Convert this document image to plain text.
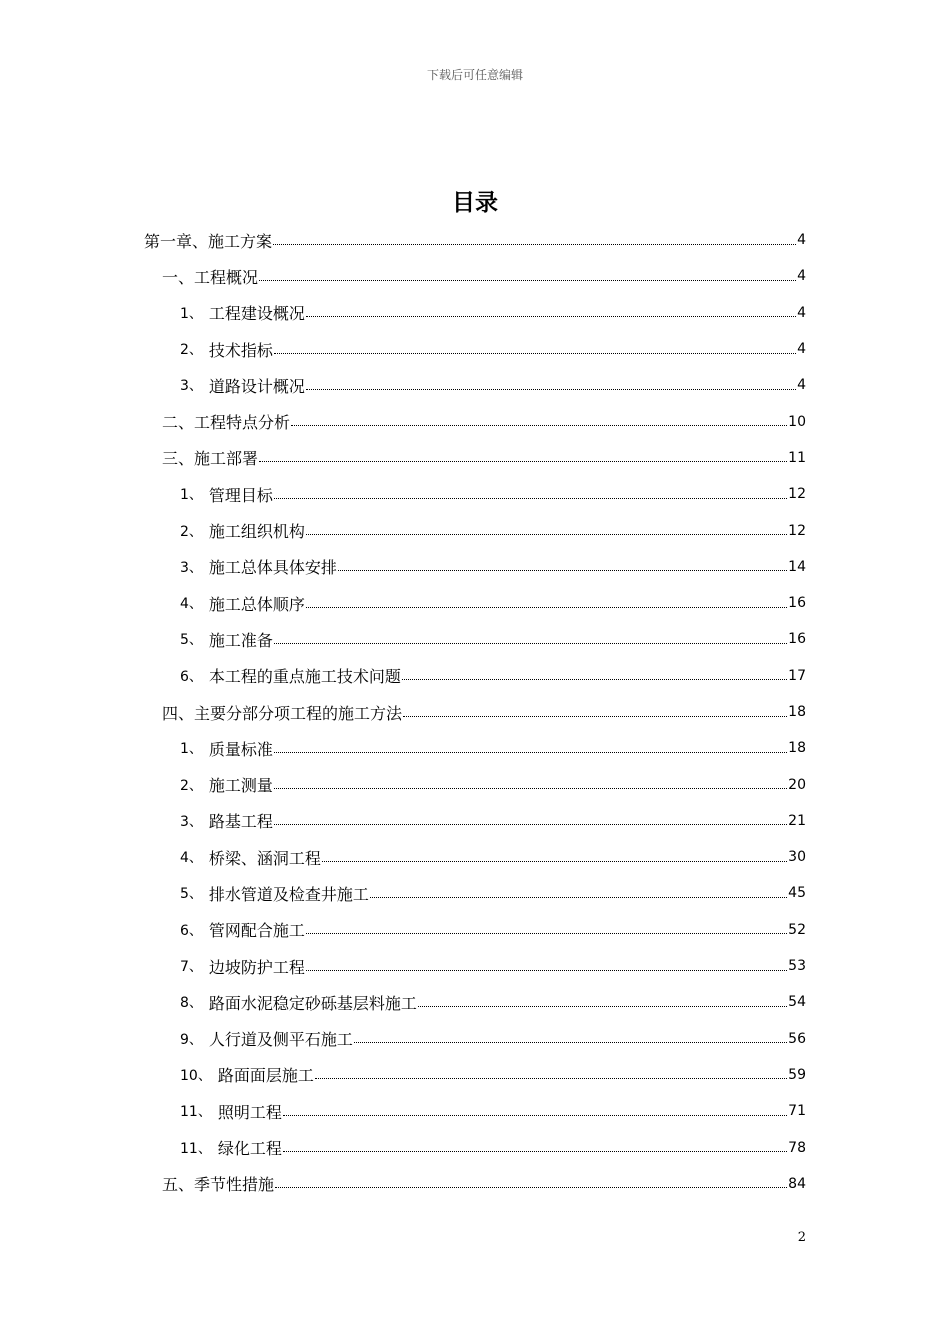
下载后可任意编辑
目录
第一章、施工方案	4
一、工程概况	4
1、 工程建设概况	4
2、 技术指标	4
3、 道路设计概况	4
二、工程特点分析	10
三、施工部署	11
1、 管理目标	12
2、 施工组织机构	12
3、 施工总体具体安排	14
4、 施工总体顺序	16
5、 施工准备	16
6、 本工程的重点施工技术问题	17
四、主要分部分项工程的施工方法	18
1、 质量标准	18
2、 施工测量	20
3、 路基工程	21
4、 桥梁、涵洞工程	30
5、 排水管道及检查井施工	45
6、 管网配合施工	52
7、 边坡防护工程	53
8、 路面水泥稳定砂砾基层料施工	54
9、 人行道及侧平石施工	56
10、 路面面层施工	59
11、 照明工程	71
11、 绿化工程	78
五、季节性措施	84
2
